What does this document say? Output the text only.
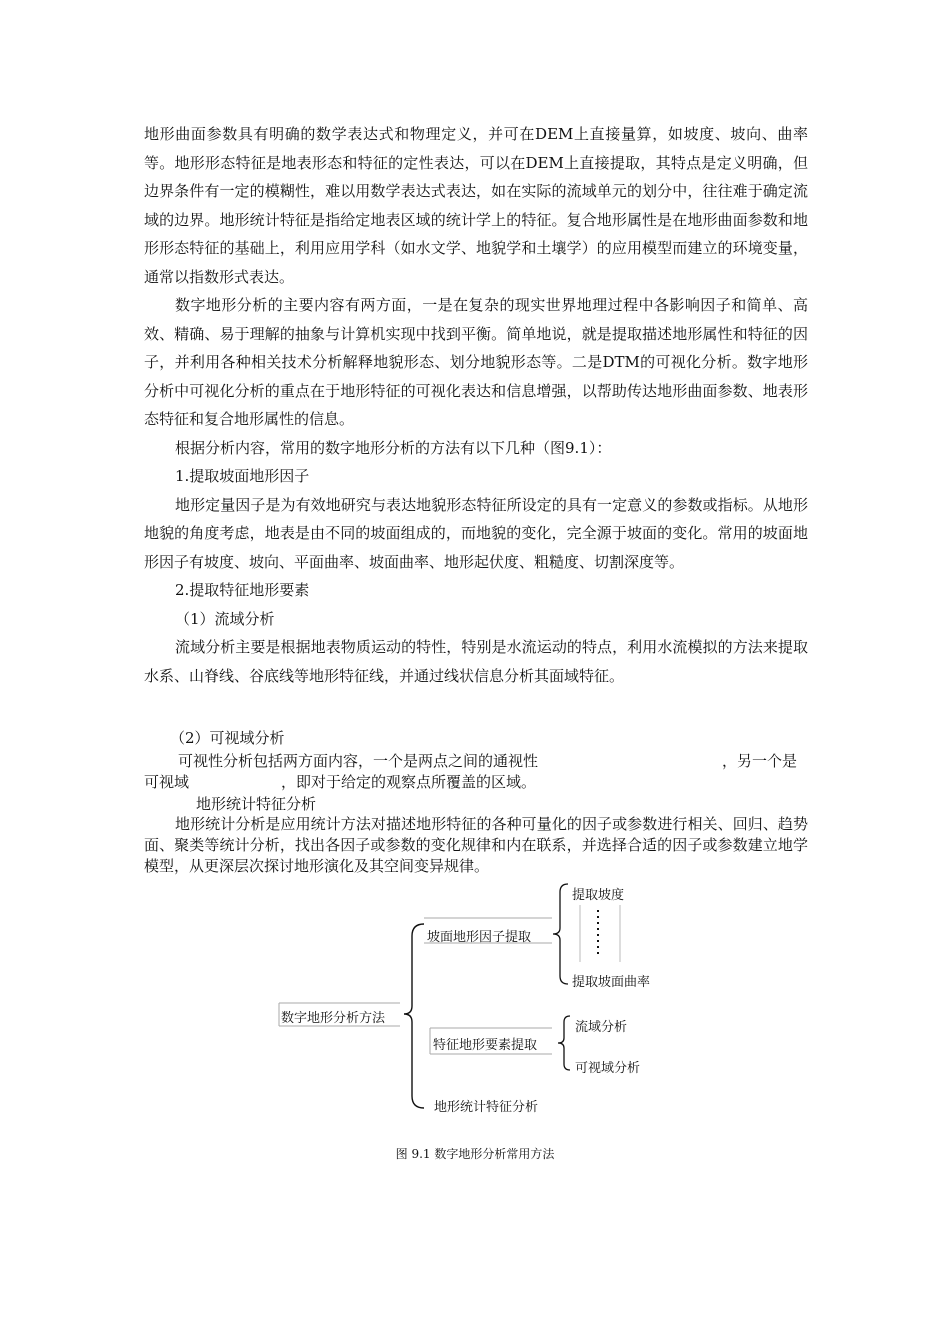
地形曲面参数具有明确的数学表达式和物理定义，并可在DEM上直接量算，如坡度、坡向、曲率等。地形形态特征是地表形态和特征的定性表达，可以在DEM上直接提取，其特点是定义明确，但边界条件有一定的模糊性，难以用数学表达式表达，如在实际的流域单元的划分中，往往难于确定流域的边界。地形统计特征是指给定地表区域的统计学上的特征。复合地形属性是在地形曲面参数和地形形态特征的基础上，利用应用学科（如水文学、地貌学和土壤学）的应用模型而建立的环境变量，通常以指数形式表达。

数字地形分析的主要内容有两方面，一是在复杂的现实世界地理过程中各影响因子和简单、高效、精确、易于理解的抽象与计算机实现中找到平衡。简单地说，就是提取描述地形属性和特征的因子，并利用各种相关技术分析解释地貌形态、划分地貌形态等。二是DTM的可视化分析。数字地形分析中可视化分析的重点在于地形特征的可视化表达和信息增强，以帮助传达地形曲面参数、地表形态特征和复合地形属性的信息。

根据分析内容，常用的数字地形分析的方法有以下几种（图9.1）：

1.提取坡面地形因子

地形定量因子是为有效地研究与表达地貌形态特征所设定的具有一定意义的参数或指标。从地形地貌的角度考虑，地表是由不同的坡面组成的，而地貌的变化，完全源于坡面的变化。常用的坡面地形因子有坡度、坡向、平面曲率、坡面曲率、地形起伏度、粗糙度、切割深度等。

2.提取特征地形要素

（1）流域分析

流域分析主要是根据地表物质运动的特性，特别是水流运动的特点，利用水流模拟的方法来提取水系、山脊线、谷底线等地形特征线，并通过线状信息分析其面域特征。

（2）可视域分析
可视性分析包括两方面内容，一个是两点之间的通视性	，另一个是
可视域	，即对于给定的观察点所覆盖的区域。
地形统计特征分析

地形统计分析是应用统计方法对描述地形特征的各种可量化的因子或参数进行相关、回归、趋势面、聚类等统计分析，找出各因子或参数的变化规律和内在联系，并选择合适的因子或参数建立地学模型，从更深层次探讨地形演化及其空间变异规律。

数字地形分析方法
坡面地形因子提取
提取坡度
提取坡面曲率
特征地形要素提取
流域分析
可视域分析
地形统计特征分析
图 9.1 数字地形分析常用方法
